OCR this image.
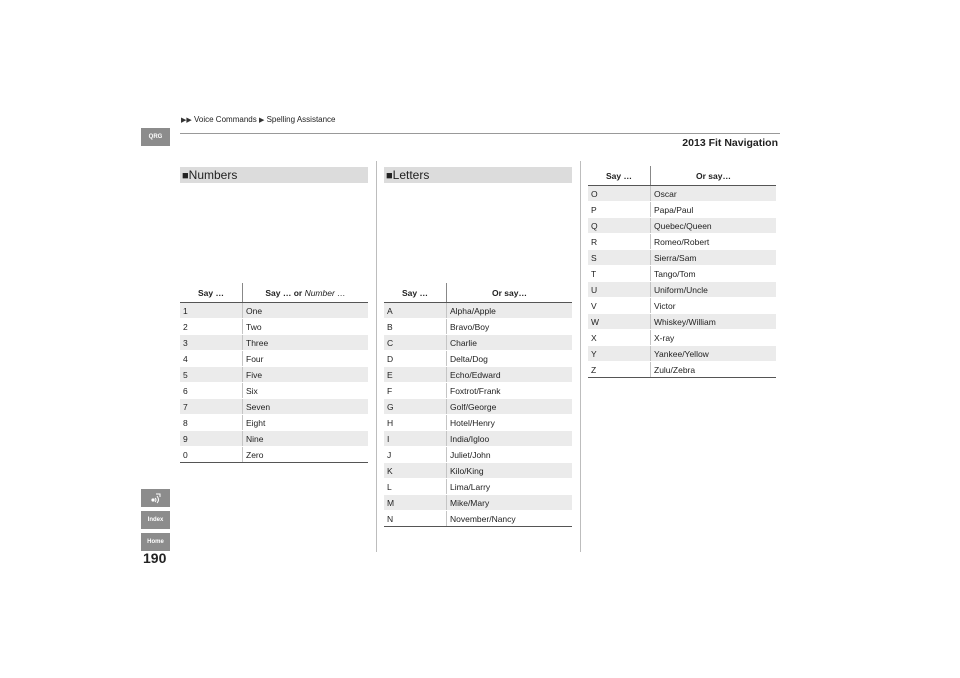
▶▶ Voice Commands ▶ Spelling Assistance
2013 Fit Navigation
QRG
Index
Home
190
■Numbers
Say …	Say … or Number …
1	One
2	Two
3	Three
4	Four
5	Five
6	Six
7	Seven
8	Eight
9	Nine
0	Zero
■Letters
Say …	Or say…
A	Alpha/Apple
B	Bravo/Boy
C	Charlie
D	Delta/Dog
E	Echo/Edward
F	Foxtrot/Frank
G	Golf/George
H	Hotel/Henry
I	India/Igloo
J	Juliet/John
K	Kilo/King
L	Lima/Larry
M	Mike/Mary
N	November/Nancy
Say …	Or say…
O	Oscar
P	Papa/Paul
Q	Quebec/Queen
R	Romeo/Robert
S	Sierra/Sam
T	Tango/Tom
U	Uniform/Uncle
V	Victor
W	Whiskey/William
X	X-ray
Y	Yankee/Yellow
Z	Zulu/Zebra
